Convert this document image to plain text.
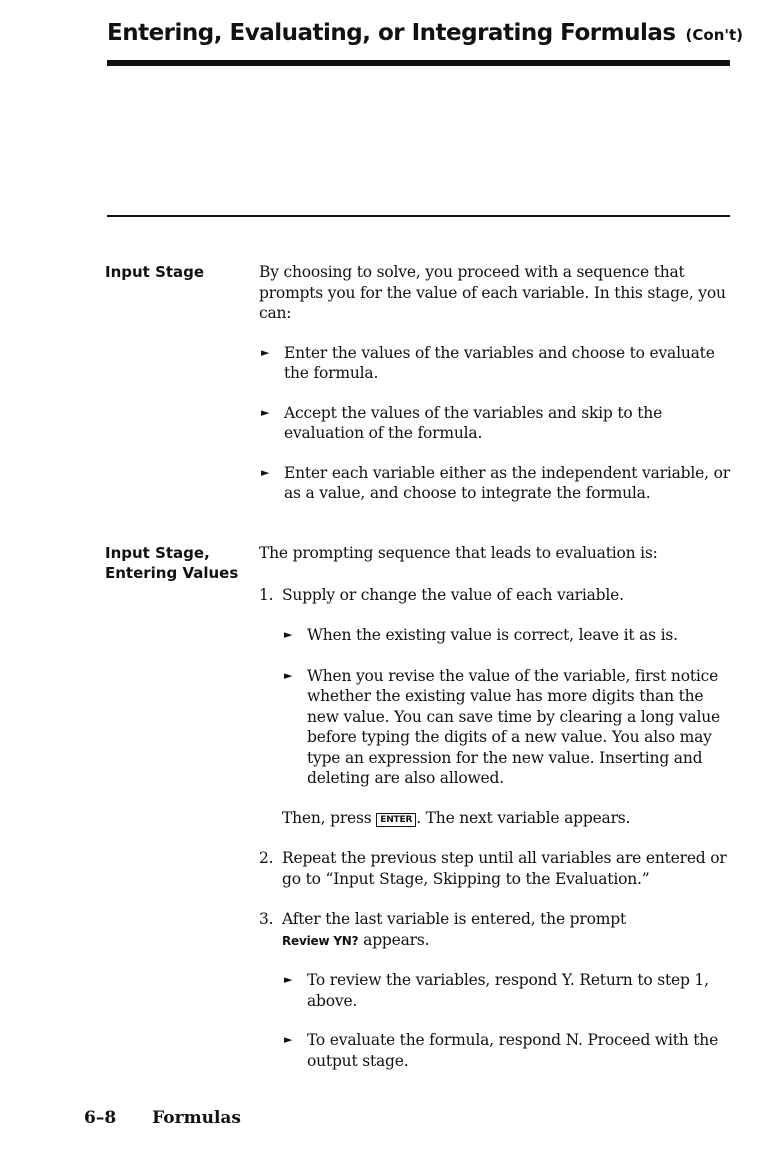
Entering, Evaluating, or Integrating Formulas (Con't)
Input Stage	By choosing to solve, you proceed with a sequence that prompts you for the value of each variable. In this stage, you can:

► Enter the values of the variables and choose to evaluate the formula.

► Accept the values of the variables and skip to the evaluation of the formula.

► Enter each variable either as the independent variable, or as a value, and choose to integrate the formula.

Input Stage,
Entering Values

The prompting sequence that leads to evaluation is:

1. Supply or change the value of each variable.

► When the existing value is correct, leave it as is.

► When you revise the value of the variable, first notice whether the existing value has more digits than the new value. You can save time by clearing a long value before typing the digits of a new value. You also may type an expression for the new value. Inserting and deleting are also allowed.

Then, press ENTER . The next variable appears.

2. Repeat the previous step until all variables are entered or go to “Input Stage, Skipping to the Evaluation.”

3. After the last variable is entered, the prompt

Review YN? appears.

► To review the variables, respond Y. Return to step 1, above.

► To evaluate the formula, respond N. Proceed with the output stage.

6–8 Formulas
